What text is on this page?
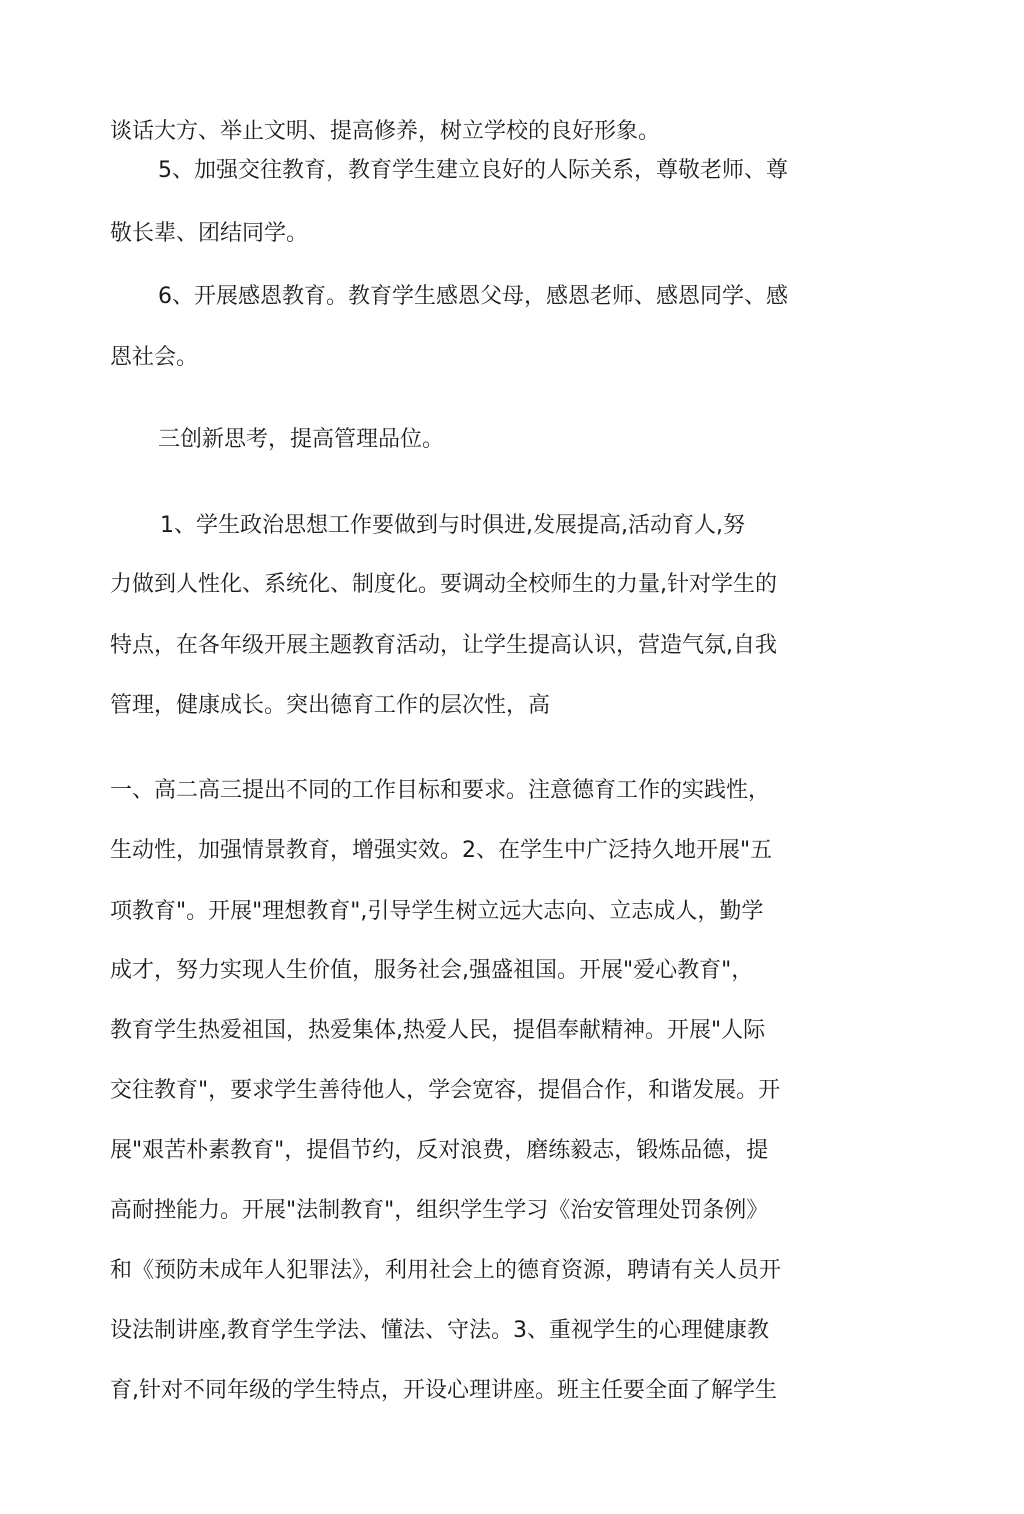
谈话大方、举止文明、提高修养，树立学校的良好形象。
5、加强交往教育，教育学生建立良好的人际关系，尊敬老师、尊
敬长辈、团结同学。
6、开展感恩教育。教育学生感恩父母，感恩老师、感恩同学、感
恩社会。
三创新思考，提高管理品位。
1、学生政治思想工作要做到与时俱进,发展提高,活动育人,努
力做到人性化、系统化、制度化。要调动全校师生的力量,针对学生的
特点，在各年级开展主题教育活动，让学生提高认识，营造气氛,自我
管理，健康成长。突出德育工作的层次性，高
一、高二高三提出不同的工作目标和要求。注意德育工作的实践性，
生动性，加强情景教育，增强实效。2、在学生中广泛持久地开展"五
项教育"。开展"理想教育",引导学生树立远大志向、立志成人，勤学
成才，努力实现人生价值，服务社会,强盛祖国。开展"爱心教育"，
教育学生热爱祖国，热爱集体,热爱人民，提倡奉献精神。开展"人际
交往教育"，要求学生善待他人，学会宽容，提倡合作，和谐发展。开
展"艰苦朴素教育"，提倡节约，反对浪费，磨练毅志，锻炼品德，提
高耐挫能力。开展"法制教育"，组织学生学习《治安管理处罚条例》
和《预防未成年人犯罪法》，利用社会上的德育资源，聘请有关人员开
设法制讲座,教育学生学法、懂法、守法。3、重视学生的心理健康教
育,针对不同年级的学生特点，开设心理讲座。班主任要全面了解学生
